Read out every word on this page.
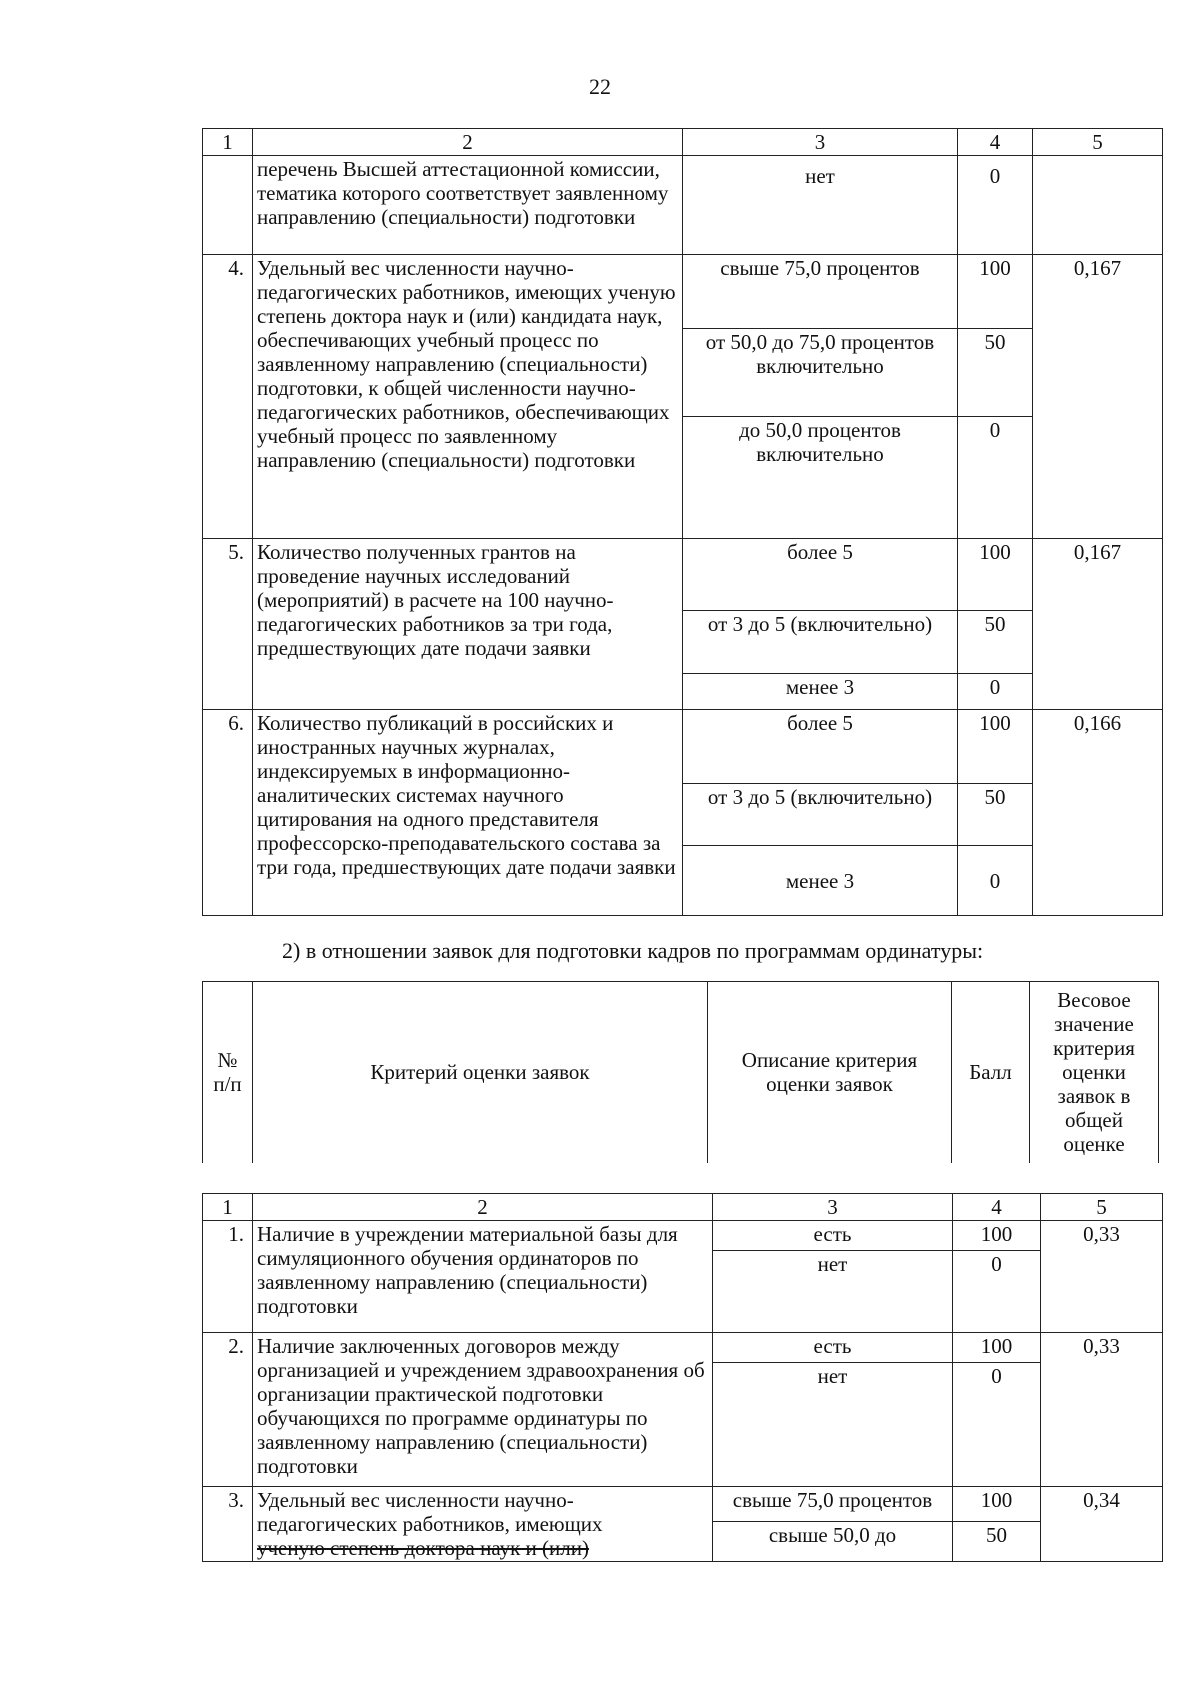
22
1	2	3	4	5
	перечень Высшей аттестационной комиссии, тематика которого соответствует заявленному направлению (специальности) подготовки	нет	0	
4.	Удельный вес численности научно-педагогических работников, имеющих ученую степень доктора наук и (или) кандидата наук, обеспечивающих учебный процесс по заявленному направлению (специальности) подготовки, к общей численности научно-педагогических работников, обеспечивающих учебный процесс по заявленному направлению (специальности) подготовки	свыше 75,0 процентов	100	0,167
		от 50,0 до 75,0 процентов включительно	50	
		до 50,0 процентов включительно	0	
5.	Количество полученных грантов на проведение научных исследований (мероприятий) в расчете на 100 научно-педагогических работников за три года, предшествующих дате подачи заявки	более 5	100	0,167
		от 3 до 5 (включительно)	50	
		менее 3	0	
6.	Количество публикаций в российских и иностранных научных журналах, индексируемых в информационно-аналитических системах научного цитирования на одного представителя профессорско-преподавательского состава за три года, предшествующих дате подачи заявки	более 5	100	0,166
		от 3 до 5 (включительно)	50	
		менее 3	0	
2) в отношении заявок для подготовки кадров по программам ординатуры:
№ п/п	Критерий оценки заявок	Описание критерия оценки заявок	Балл	Весовое значение критерия оценки заявок в общей оценке
1	2	3	4	5
1.	Наличие в учреждении материальной базы для симуляционного обучения ординаторов по заявленному направлению (специальности) подготовки	есть	100	0,33
		нет	0	
2.	Наличие заключенных договоров между организацией и учреждением здравоохранения об организации практической подготовки обучающихся по программе ординатуры по заявленному направлению (специальности) подготовки	есть	100	0,33
		нет	0	
3.	Удельный вес численности научно-педагогических работников, имеющих
ученую степень доктора наук и (или)	свыше 75,0 процентов	100	0,34
		свыше 50,0 до	50	
